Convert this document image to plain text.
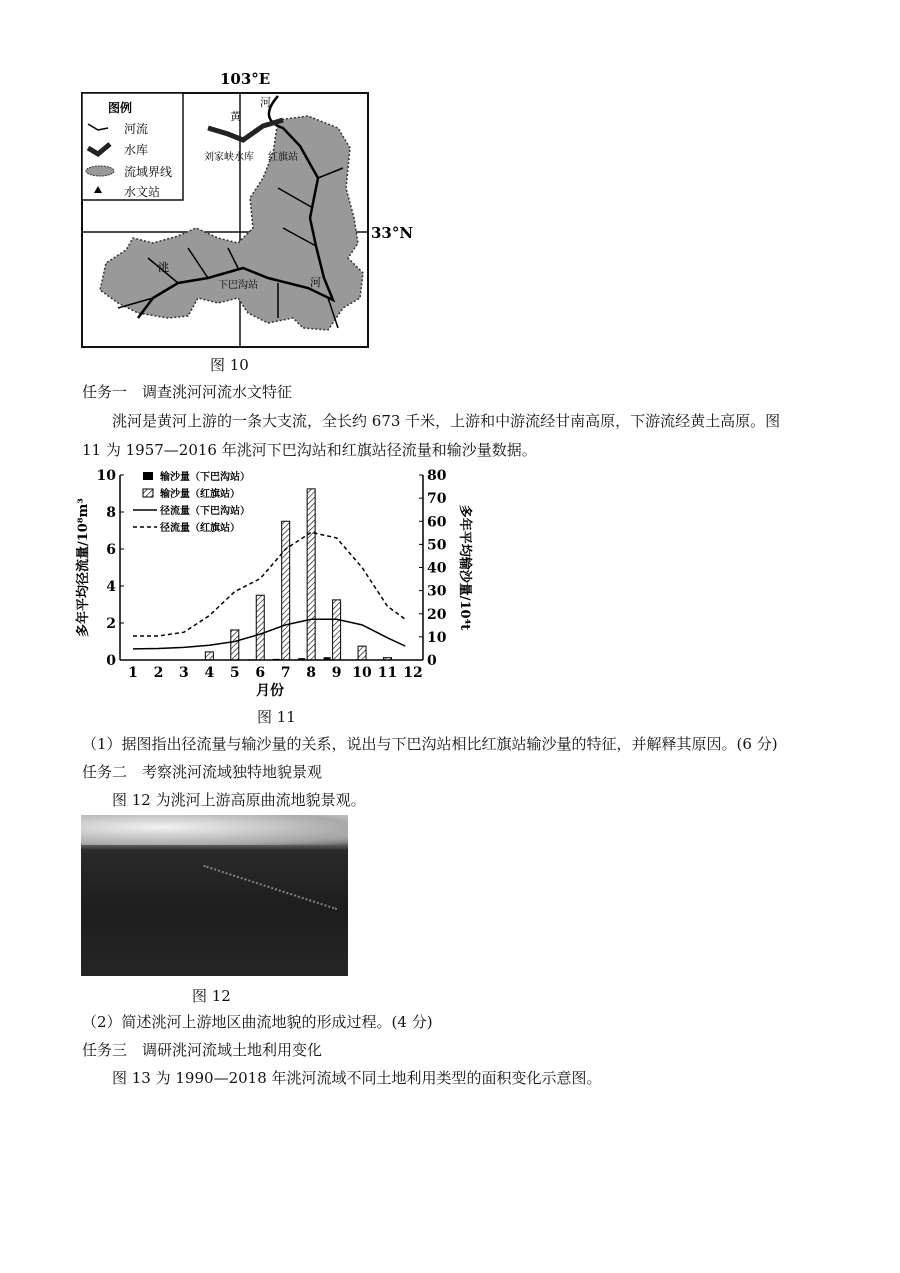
103°E
33°N
黄
河
刘家峡水库 红旗站
洮
河
下巴沟站
图例
河流
水库
流域界线
水文站
图 10
任务一　调查洮河河流水文特征
洮河是黄河上游的一条大支流，全长约 673 千米，上游和中游流经甘南高原，下游流经黄土高原。图
11 为 1957—2016 年洮河下巴沟站和红旗站径流量和输沙量数据。
0
2
4
6
8
10
0
10
20
30
40
50
60
70
80
1 2 3 4 5 6 7 8 9 10 11 12
月份
多年平均径流量/10⁸m³	多年平均输沙量/10⁴t
输沙量（下巴沟站）
输沙量（红旗站）
径流量（下巴沟站）
径流量（红旗站）
图 11
（1）据图指出径流量与输沙量的关系，说出与下巴沟站相比红旗站输沙量的特征，并解释其原因。(6 分)
任务二　考察洮河流域独特地貌景观
图 12 为洮河上游高原曲流地貌景观。
图 12
（2）简述洮河上游地区曲流地貌的形成过程。(4 分)
任务三　调研洮河流域土地利用变化
图 13 为 1990—2018 年洮河流域不同土地利用类型的面积变化示意图。
